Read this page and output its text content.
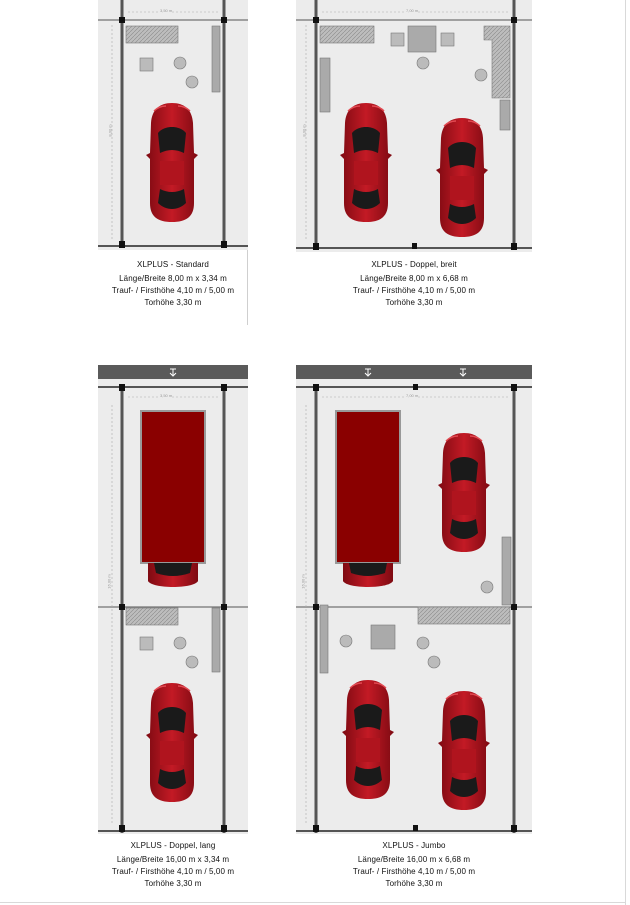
3,50 m
8,00 m
XLPLUS - Standard
Länge/Breite 8,00 m x 3,34 m
Trauf- / Firsthöhe 4,10 m / 5,00 m
Torhöhe 3,30 m
7,00 m
8,00 m
XLPLUS - Doppel, breit
Länge/Breite 8,00 m x 6,68 m
Trauf- / Firsthöhe 4,10 m / 5,00 m
Torhöhe 3,30 m
3,50 m
16,00 m
XLPLUS - Doppel, lang
Länge/Breite 16,00 m x 3,34 m
Trauf- / Firsthöhe 4,10 m / 5,00 m
Torhöhe 3,30 m
7,00 m
16,00 m
XLPLUS - Jumbo
Länge/Breite 16,00 m x 6,68 m
Trauf- / Firsthöhe 4,10 m / 5,00 m
Torhöhe 3,30 m
